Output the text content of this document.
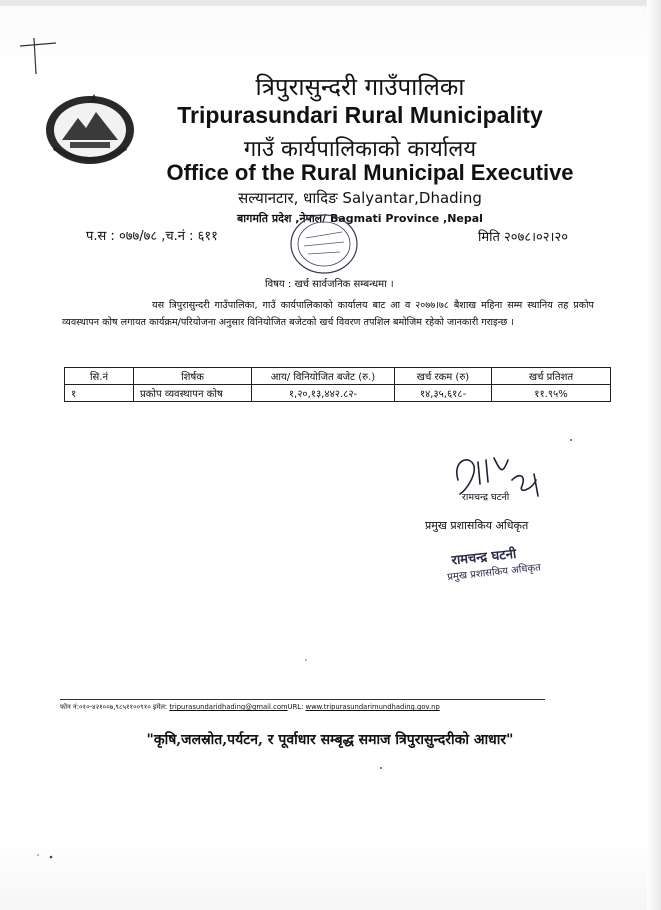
त्रिपुरासुन्दरी गाउँपालिका
Tripurasundari Rural Municipality
गाउँ कार्यपालिकाको कार्यालय
Office of the Rural Municipal Executive
सल्यानटार, धादिङ Salyantar,Dhading
बागमति प्रदेश ,नेपाल/ Bagmati Province ,Nepal
प.स : ०७७/७८ ,च.नं : ६११	मिति २०७८।०२।२०
विषय : खर्च सार्वजनिक सम्बन्धमा ।
यस त्रिपुरासुन्दरी गाउँपालिका, गाउँ कार्यपालिकाको कार्यालय बाट आ व २०७७।७८ बैशाख महिना सम्म स्थानिय तह प्रकोप व्यवस्थापन कोष लगायत कार्यक्रम/परियोजना अनुसार विनियोजित बजेटको खर्च विवरण तपशिल बमोजिम रहेको जानकारी गराइन्छ ।
सि.नं	शिर्षक	आय/ विनियोजित बजेट (रु.)	खर्च रकम (रु)	खर्च प्रतिशत
१	प्रकोप व्यवस्थापन कोष	१,२०,१३,४४२.८२-	१४,३५,६१८-	११.९५%
रामचन्द्र घटनी
प्रमुख प्रशासकिय अधिकृत
रामचन्द्र घटनी
प्रमुख प्रशासकिय अधिकृत
फोन नं:०१०-४२१००७,९८५११००९१० इमेल: tripurasundaridhading@gmail.comURL: www.tripurasundarimundhading.gov.np
"कृषि,जलस्रोत,पर्यटन, र पूर्वाधार सम्बृद्ध समाज त्रिपुरासुन्दरीको आधार"
